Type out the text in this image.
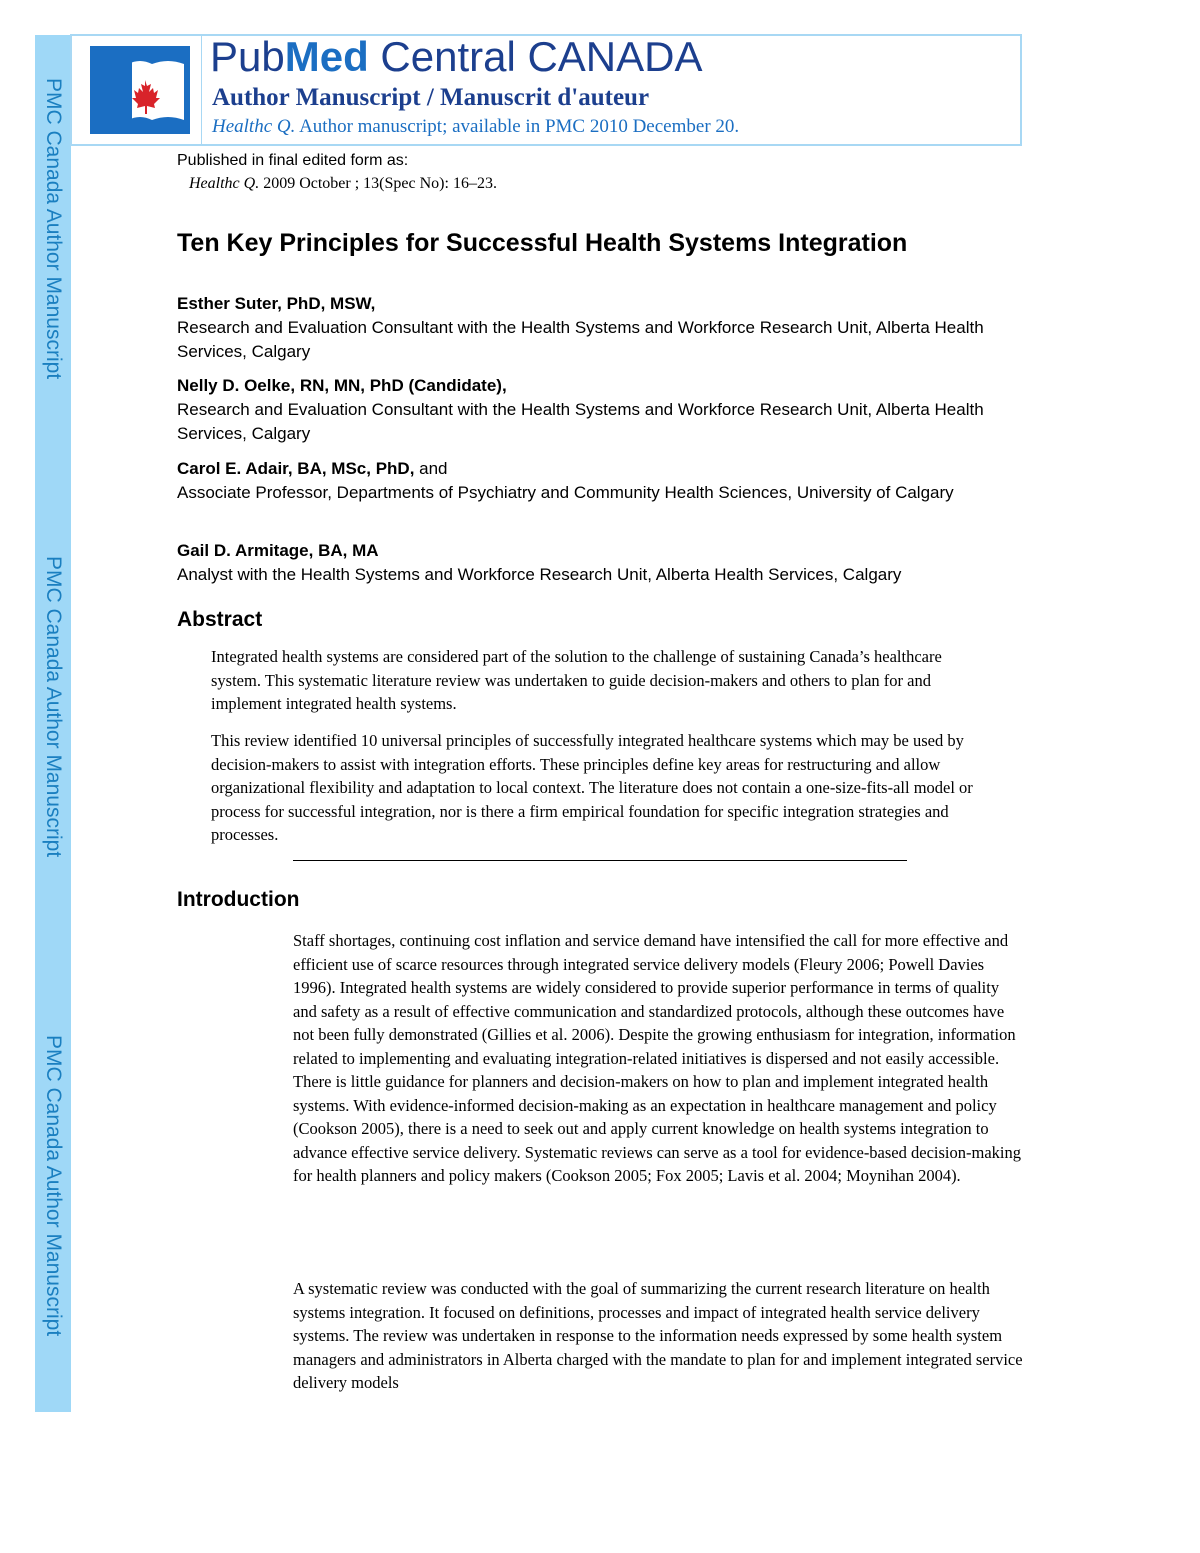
PMC Canada Author Manuscript
PMC Canada Author Manuscript
PMC Canada Author Manuscript
PubMed Central CANADA
Author Manuscript / Manuscrit d'auteur
Healthc Q. Author manuscript; available in PMC 2010 December 20.
Published in final edited form as:
Healthc Q. 2009 October ; 13(Spec No): 16–23.
Ten Key Principles for Successful Health Systems Integration
Esther Suter, PhD, MSW,
Research and Evaluation Consultant with the Health Systems and Workforce Research Unit, Alberta Health Services, Calgary
Nelly D. Oelke, RN, MN, PhD (Candidate),
Research and Evaluation Consultant with the Health Systems and Workforce Research Unit, Alberta Health Services, Calgary
Carol E. Adair, BA, MSc, PhD, and
Associate Professor, Departments of Psychiatry and Community Health Sciences, University of Calgary
Gail D. Armitage, BA, MA
Analyst with the Health Systems and Workforce Research Unit, Alberta Health Services, Calgary
Abstract
Integrated health systems are considered part of the solution to the challenge of sustaining Canada’s healthcare system. This systematic literature review was undertaken to guide decision-makers and others to plan for and implement integrated health systems.
This review identified 10 universal principles of successfully integrated healthcare systems which may be used by decision-makers to assist with integration efforts. These principles define key areas for restructuring and allow organizational flexibility and adaptation to local context. The literature does not contain a one-size-fits-all model or process for successful integration, nor is there a firm empirical foundation for specific integration strategies and processes.
Introduction
Staff shortages, continuing cost inflation and service demand have intensified the call for more effective and efficient use of scarce resources through integrated service delivery models (Fleury 2006; Powell Davies 1996). Integrated health systems are widely considered to provide superior performance in terms of quality and safety as a result of effective communication and standardized protocols, although these outcomes have not been fully demonstrated (Gillies et al. 2006). Despite the growing enthusiasm for integration, information related to implementing and evaluating integration-related initiatives is dispersed and not easily accessible. There is little guidance for planners and decision-makers on how to plan and implement integrated health systems. With evidence-informed decision-making as an expectation in healthcare management and policy (Cookson 2005), there is a need to seek out and apply current knowledge on health systems integration to advance effective service delivery. Systematic reviews can serve as a tool for evidence-based decision-making for health planners and policy makers (Cookson 2005; Fox 2005; Lavis et al. 2004; Moynihan 2004).
A systematic review was conducted with the goal of summarizing the current research literature on health systems integration. It focused on definitions, processes and impact of integrated health service delivery systems. The review was undertaken in response to the information needs expressed by some health system managers and administrators in Alberta charged with the mandate to plan for and implement integrated service delivery models
